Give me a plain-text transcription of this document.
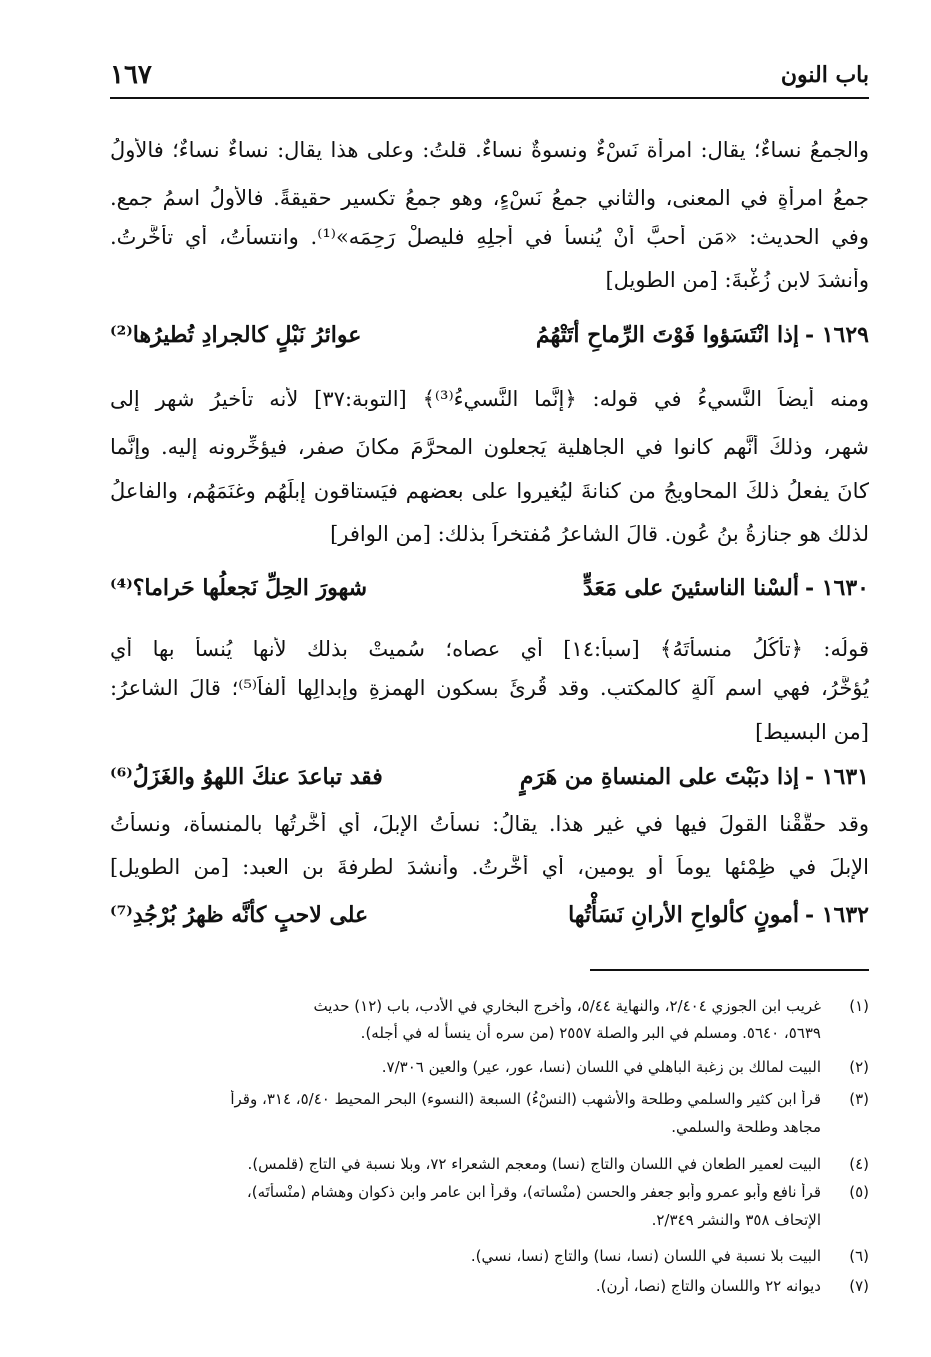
باب النون
١٦٧
والجمعُ نساءٌ؛ يقال: امرأة نَسْءٌ ونسوةٌ نساءٌ. قلتُ: وعلى هذا يقال: نساءٌ نساءٌ؛ فالأولُ
جمعُ امرأةٍ في المعنى، والثاني جمعُ نَسْءٍ، وهو جمعُ تكسيرٍ حقيقةً. فالأولُ اسمُ جمعٍ.
وفي الحديث: «مَن أحبَّ أنْ يُنسأَ في أجلِهِ فليصلْ رَحِمَه»⁽¹⁾. وانتسأتُ، أي تأخَّرتُ.
وأنشدَ لابنِ زُغْبةَ: [من الطويل]
١٦٢٩ -
إذا انْتَسَؤوا فَوْتَ الرِّماحِ أتَتْهُمُ
عوائرُ نَبْلٍ كالجرادِ تُطيرُها⁽²⁾
ومنه أيضاً النَّسيءُ في قوله: ﴿إنَّما النَّسيءُ⁽³⁾﴾ [التوبة:٣٧] لأنه تأخيرُ شهرٍ إلى
شهرٍ، وذلكَ أنَّهم كانوا في الجاهلية يَجعلون المحرَّمَ مكانَ صفر، فيؤخِّرونه إليه. وإنَّما
كانَ يفعلُ ذلكَ المحاويجُ من كنانةَ ليُغيروا على بعضهم فيَستاقون إبلَهُم وغنَمَهُم، والفاعلُ
لذلك هو جنازةُ بنُ عُون. قالَ الشاعرُ مُفتخراً بذلك: [من الوافر]
١٦٣٠ -
ألسْنا الناسئينَ على مَعَدٍّ
شهورَ الحِلِّ نَجعلُها حَراما؟⁽⁴⁾
قولُه: ﴿تأكُلُ منسأتَهُ﴾ [سبأ:١٤] أي عصاه؛ سُميتْ بذلك لأنها يُنسأُ بها أي
يُؤخَّرُ، فهي اسم آلةٍ كالمكتبِ. وقد قُرئَ بسكونِ الهمزةِ وإبدالِها ألفاً⁽⁵⁾؛ قالَ الشاعرُ:
[من البسيط]
١٦٣١ -
إذا دبَبْتَ على المنساةِ من هَرَمٍ
فقد تباعدَ عنكَ اللهوُ والغَزَلُ⁽⁶⁾
وقد حقَّقْنا القولَ فيها في غيرِ هذا. يقالُ: نسأتُ الإبلَ، أي أخَّرتُها بالمنسأة، ونسأتُ
الإبلَ في ظِمْئها يوماً أو يومين، أي أخَّرتُ. وأنشدَ لطرفةَ بنِ العبد: [من الطويل]
١٦٣٢ -
أمونٍ كألواحِ الأرانِ نَسَأْتُها
على لاحبٍ كأنَّه ظهرُ بُرْجُدِ⁽⁷⁾
(١)
غريب ابن الجوزي ٢/٤٠٤، والنهاية ٥/٤٤، وأخرج البخاري في الأدب، باب (١٢) حديث
٥٦٣٩، ٥٦٤٠. ومسلم في البر والصلة ٢٥٥٧ (من سره أن ينسأ له في أجله).
(٢)
البيت لمالك بن زغبة الباهلي في اللسان (نسا، عور، عير) والعين ٧/٣٠٦.
(٣)
قرأ ابن كثير والسلمي وطلحة والأشهب (النسْءُ) السبعة (النسوء) البحر المحيط ٥/٤٠، ٣١٤، وقرأ
مجاهد وطلحة والسلمي.
(٤)
البيت لعمير الطعان في اللسان والتاج (نسا) ومعجم الشعراء ٧٢، وبلا نسبة في التاج (قلمس).
(٥)
قرأ نافع وأبو عمرو وأبو جعفر والحسن (منْساته)، وقرأ ابن عامر وابن ذكوان وهشام (منْسأْتَه)،
الإتحاف ٣٥٨ والنشر ٢/٣٤٩.
(٦)
البيت بلا نسبة في اللسان (نسا، نسا) والتاج (نسا، نسي).
(٧)
ديوانه ٢٢ واللسان والتاج (نصا، أرن).
